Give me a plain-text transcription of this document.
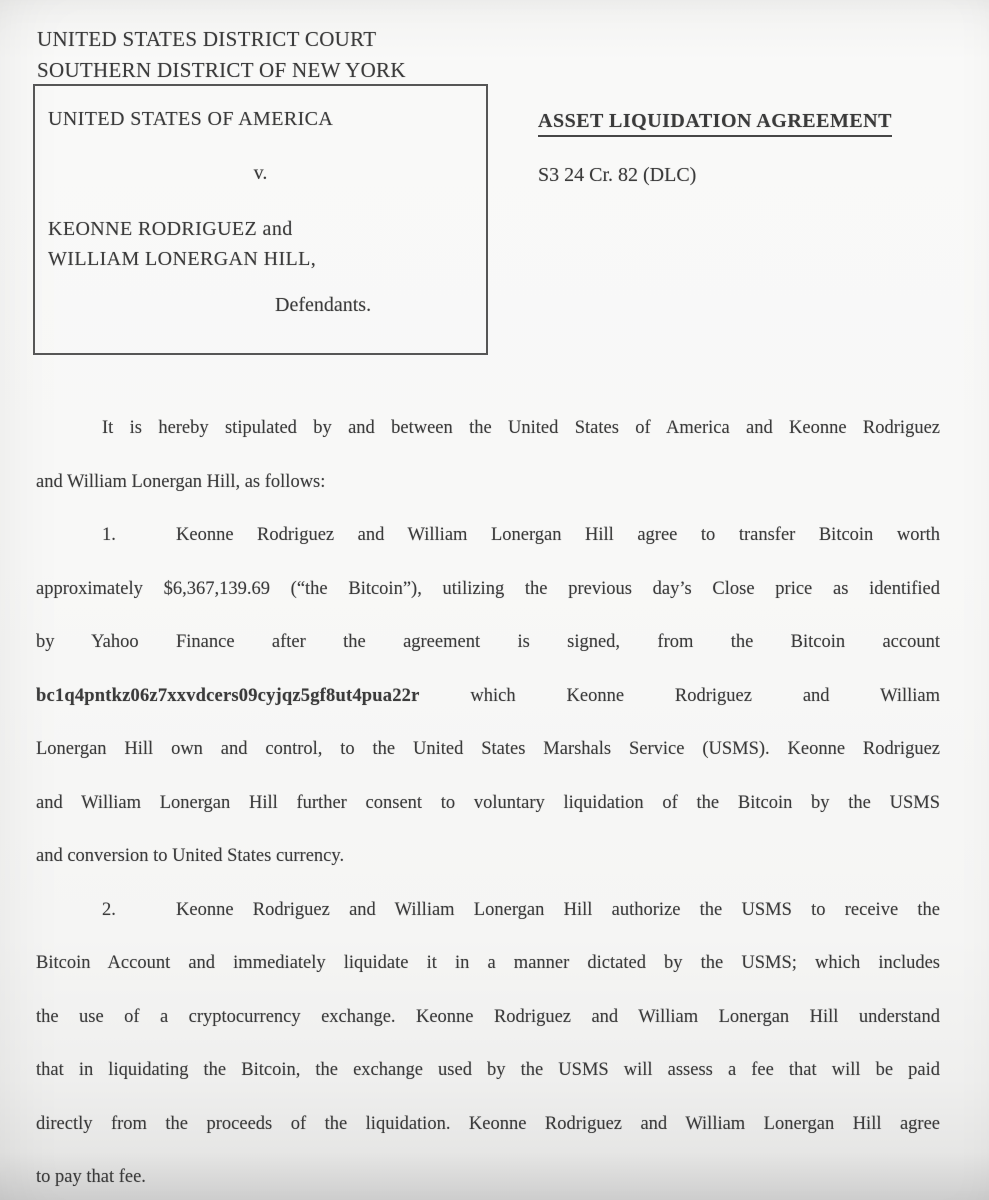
UNITED STATES DISTRICT COURT
SOUTHERN DISTRICT OF NEW YORK
UNITED STATES OF AMERICA
v.
KEONNE RODRIGUEZ and
WILLIAM LONERGAN HILL,
Defendants.
ASSET LIQUIDATION AGREEMENT
S3 24 Cr. 82 (DLC)
It is hereby stipulated by and between the United States of America and Keonne Rodriguez
and William Lonergan Hill, as follows:
1.	Keonne Rodriguez and William Lonergan Hill agree to transfer Bitcoin worth
approximately $6,367,139.69 (“the Bitcoin”), utilizing the previous day’s Close price as identified
by Yahoo Finance after the agreement is signed, from the Bitcoin account
bc1q4pntkz06z7xxvdcers09cyjqz5gf8ut4pua22r which Keonne Rodriguez and William
Lonergan Hill own and control, to the United States Marshals Service (USMS). Keonne Rodriguez
and William Lonergan Hill further consent to voluntary liquidation of the Bitcoin by the USMS
and conversion to United States currency.
2.	Keonne Rodriguez and William Lonergan Hill authorize the USMS to receive the
Bitcoin Account and immediately liquidate it in a manner dictated by the USMS; which includes
the use of a cryptocurrency exchange. Keonne Rodriguez and William Lonergan Hill understand
that in liquidating the Bitcoin, the exchange used by the USMS will assess a fee that will be paid
directly from the proceeds of the liquidation. Keonne Rodriguez and William Lonergan Hill agree
to pay that fee.
